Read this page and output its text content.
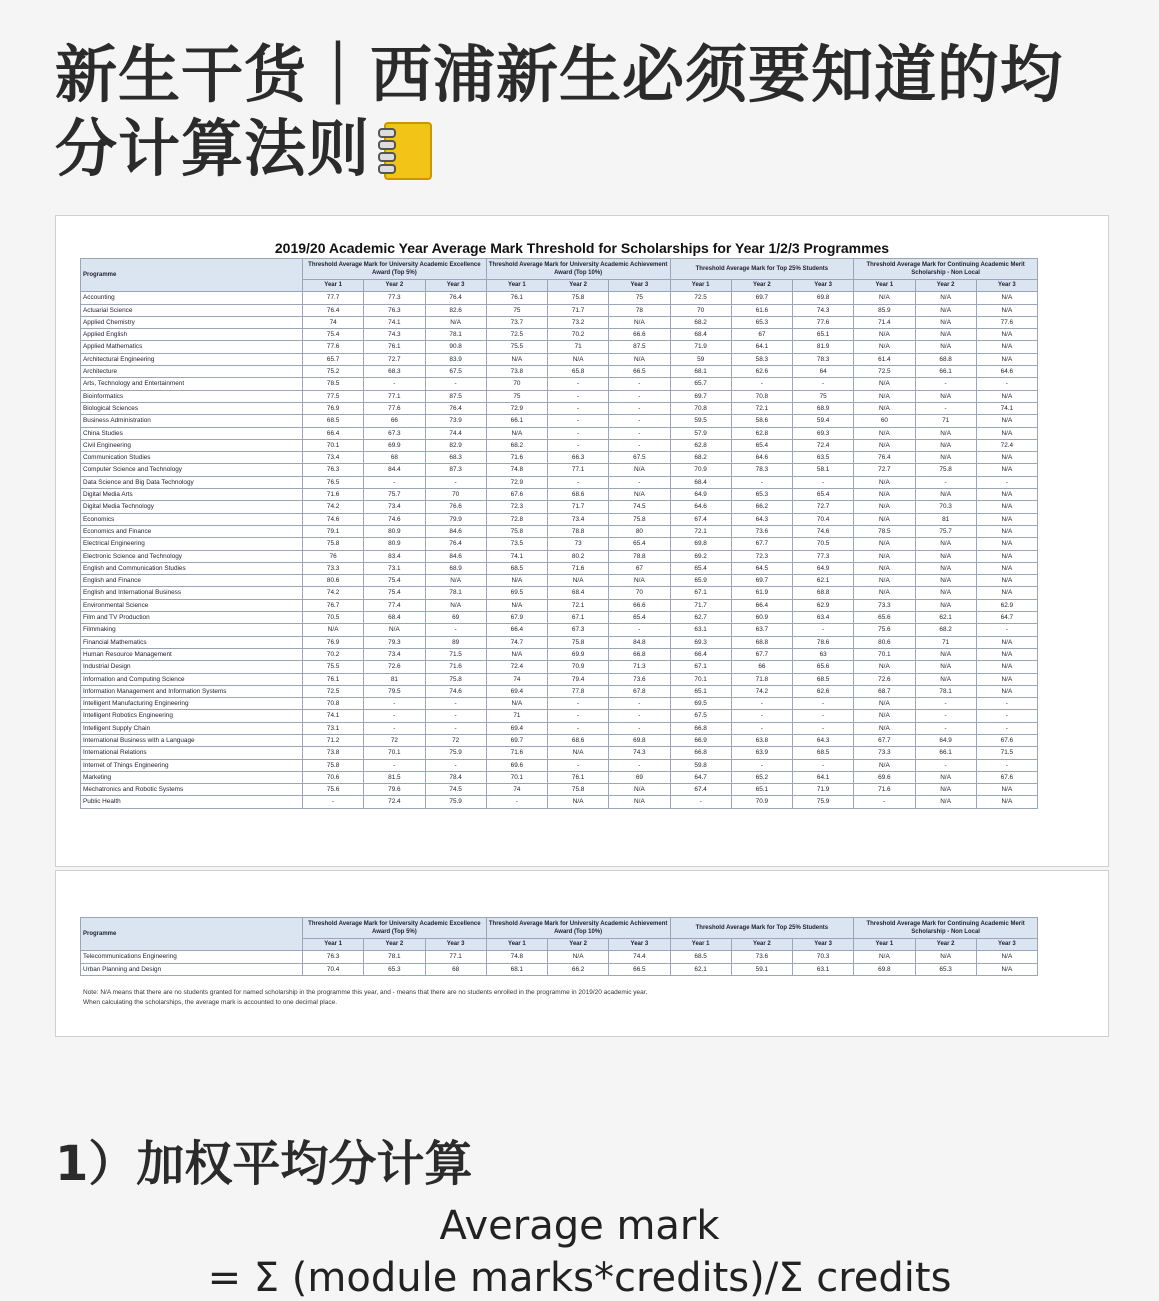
新生干货｜西浦新生必须要知道的均分计算法则
2019/20 Academic Year Average Mark Threshold for Scholarships for Year 1/2/3 Programmes
Programme	Threshold Average Mark for University Academic Excellence Award (Top 5%)			Threshold Average Mark for University Academic Achievement Award (Top 10%)			Threshold Average Mark for Top 25% Students			Threshold Average Mark for Continuing Academic Merit Scholarship - Non Local		
	Year 1	Year 2	Year 3	Year 1	Year 2	Year 3	Year 1	Year 2	Year 3	Year 1	Year 2	Year 3
Accounting	77.7	77.3	76.4	76.1	75.8	75	72.5	69.7	69.8	N/A	N/A	N/A
Actuarial Science	76.4	76.3	82.6	75	71.7	78	70	61.6	74.3	85.9	N/A	N/A
Applied Chemistry	74	74.1	N/A	73.7	73.2	N/A	68.2	65.3	77.6	71.4	N/A	77.6
Applied English	75.4	74.3	78.1	72.5	70.2	66.6	68.4	67	65.1	N/A	N/A	N/A
Applied Mathematics	77.6	76.1	90.8	75.5	71	87.5	71.9	64.1	81.9	N/A	N/A	N/A
Architectural Engineering	65.7	72.7	83.9	N/A	N/A	N/A	59	58.3	78.3	61.4	68.8	N/A
Architecture	75.2	68.3	67.5	73.8	65.8	66.5	68.1	62.6	64	72.5	66.1	64.6
Arts, Technology and Entertainment	78.5	-	-	70	-	-	65.7	-	-	N/A	-	-
Bioinformatics	77.5	77.1	87.5	75	-	-	69.7	70.8	75	N/A	N/A	N/A
Biological Sciences	76.9	77.6	76.4	72.9	-	-	70.8	72.1	68.9	N/A	-	74.1
Business Administration	68.5	66	73.9	66.1	-	-	59.5	58.6	59.4	60	71	N/A
China Studies	66.4	67.3	74.4	N/A	-	-	57.9	62.8	69.3	N/A	N/A	N/A
Civil Engineering	70.1	69.9	82.9	68.2	-	-	62.8	65.4	72.4	N/A	N/A	72.4
Communication Studies	73.4	68	68.3	71.6	66.3	67.5	68.2	64.6	63.5	76.4	N/A	N/A
Computer Science and Technology	76.3	84.4	87.3	74.8	77.1	N/A	70.9	78.3	58.1	72.7	75.8	N/A
Data Science and Big Data Technology	76.5	-	-	72.9	-	-	68.4	-	-	N/A	-	-
Digital Media Arts	71.6	75.7	70	67.6	68.6	N/A	64.9	65.3	65.4	N/A	N/A	N/A
Digital Media Technology	74.2	73.4	76.6	72.3	71.7	74.5	64.6	66.2	72.7	N/A	70.3	N/A
Economics	74.6	74.6	79.9	72.8	73.4	75.8	67.4	64.3	70.4	N/A	81	N/A
Economics and Finance	79.1	80.9	84.6	75.8	78.8	80	72.1	73.6	74.6	78.5	75.7	N/A
Electrical Engineering	75.8	80.9	76.4	73.5	73	65.4	69.8	67.7	70.5	N/A	N/A	N/A
Electronic Science and Technology	76	83.4	84.6	74.1	80.2	78.8	69.2	72.3	77.3	N/A	N/A	N/A
English and Communication Studies	73.3	73.1	68.9	68.5	71.6	67	65.4	64.5	64.9	N/A	N/A	N/A
English and Finance	80.6	75.4	N/A	N/A	N/A	N/A	65.9	69.7	62.1	N/A	N/A	N/A
English and International Business	74.2	75.4	78.1	69.5	68.4	70	67.1	61.9	68.8	N/A	N/A	N/A
Environmental Science	76.7	77.4	N/A	N/A	72.1	66.6	71.7	66.4	62.9	73.3	N/A	62.9
Film and TV Production	70.5	68.4	69	67.9	67.1	65.4	62.7	60.9	63.4	65.6	62.1	64.7
Filmmaking	N/A	N/A	-	66.4	67.3	-	63.1	63.7	-	75.6	68.2	-
Financial Mathematics	76.9	79.3	89	74.7	75.8	84.8	69.3	68.8	78.6	80.6	71	N/A
Human Resource Management	70.2	73.4	71.5	N/A	69.9	66.8	66.4	67.7	63	70.1	N/A	N/A
Industrial Design	75.5	72.6	71.6	72.4	70.9	71.3	67.1	66	65.6	N/A	N/A	N/A
Information and Computing Science	76.1	81	75.8	74	79.4	73.6	70.1	71.8	68.5	72.6	N/A	N/A
Information Management and Information Systems	72.5	79.5	74.6	69.4	77.8	67.8	65.1	74.2	62.6	68.7	78.1	N/A
Intelligent Manufacturing Engineering	70.8	-	-	N/A	-	-	69.5	-	-	N/A	-	-
Intelligent Robotics Engineering	74.1	-	-	71	-	-	67.5	-	-	N/A	-	-
Intelligent Supply Chain	73.1	-	-	69.4	-	-	66.8	-	-	N/A	-	-
International Business with a Language	71.2	72	72	69.7	68.6	69.8	66.9	63.8	64.3	67.7	64.9	67.6
International Relations	73.8	70.1	75.9	71.6	N/A	74.3	66.8	63.9	68.5	73.3	66.1	71.5
Internet of Things Engineering	75.8	-	-	69.6	-	-	59.8	-	-	N/A	-	-
Marketing	70.6	81.5	78.4	70.1	76.1	69	64.7	65.2	64.1	69.6	N/A	67.6
Mechatronics and Robotic Systems	75.6	79.6	74.5	74	75.8	N/A	67.4	65.1	71.9	71.6	N/A	N/A
Public Health	-	72.4	75.9	-	N/A	N/A	-	70.9	75.9	-	N/A	N/A
Programme	Threshold Average Mark for University Academic Excellence Award (Top 5%)			Threshold Average Mark for University Academic Achievement Award (Top 10%)			Threshold Average Mark for Top 25% Students			Threshold Average Mark for Continuing Academic Merit Scholarship - Non Local		
	Year 1	Year 2	Year 3	Year 1	Year 2	Year 3	Year 1	Year 2	Year 3	Year 1	Year 2	Year 3
Telecommunications Engineering	76.3	78.1	77.1	74.8	N/A	74.4	68.5	73.6	70.3	N/A	N/A	N/A
Urban Planning and Design	70.4	65.3	68	68.1	66.2	66.5	62.1	59.1	63.1	69.8	65.3	N/A
Note: N/A means that there are no students granted for named scholarship in the programme this year, and - means that there are no students enrolled in the programme in 2019/20 academic year.
When calculating the scholarships, the average mark is accounted to one decimal place.
1）加权平均分计算
Average mark
= Σ (module marks*credits)/Σ credits
